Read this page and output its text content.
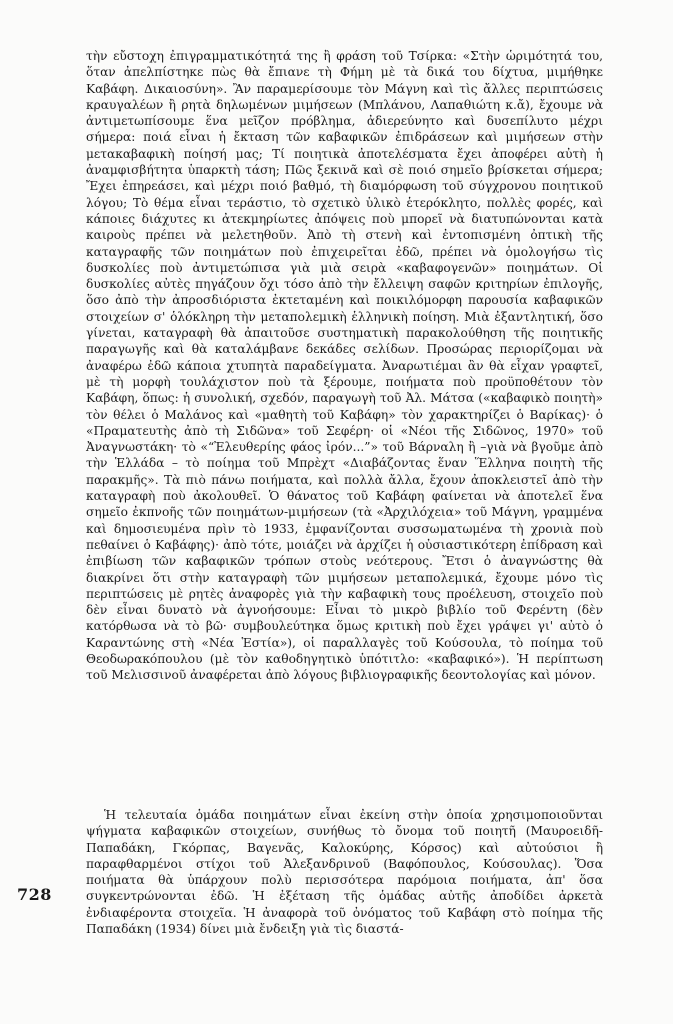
728

τὴν εὔστοχη ἐπιγραμματικότητά της ἢ φράση τοῦ Τσίρκα: «Στὴν ὡριμότητά του, ὅταν ἀπελπίστηκε πὼς θὰ ἔπιανε τὴ Φήμη μὲ τὰ δικά του δίχτυα, μιμήθηκε Καβάφη. Δικαιοσύνη». Ἂν παραμερίσουμε τὸν Μάγνη καὶ τὶς ἄλλες περιπτώσεις κραυγαλέων ἢ ρητὰ δηλωμένων μιμήσεων (Μπλάνου, Λαπαθιώτη κ.ἄ), ἔχουμε νὰ ἀντιμετωπίσουμε ἕνα μεῖζον πρόβλημα, ἀδιερεύνητο καὶ δυσεπίλυτο μέχρι σήμερα: ποιά εἶναι ἡ ἔκταση τῶν καβαφικῶν ἐπιδράσεων καὶ μιμήσεων στὴν μετακαβαφικὴ ποίησή μας; Τί ποιητικὰ ἀποτελέσματα ἔχει ἀποφέρει αὐτὴ ἡ ἀναμφισβήτητα ὑπαρκτὴ τάση; Πῶς ξεκινᾶ καὶ σὲ ποιό σημεῖο βρίσκεται σήμερα; Ἔχει ἐπηρεάσει, καὶ μέχρι ποιό βαθμό, τὴ διαμόρφωση τοῦ σύγχρονου ποιητικοῦ λόγου; Τὸ θέμα εἶναι τεράστιο, τὸ σχετικὸ ὑλικὸ ἑτερόκλητο, πολλὲς φορές, καὶ κάποιες διάχυτες κι ἀτεκμηρίωτες ἀπόψεις ποὺ μπορεῖ νὰ διατυπώνονται κατὰ καιροὺς πρέπει νὰ μελετηθοῦν. Ἀπὸ τὴ στενὴ καὶ ἐντοπισμένη ὀπτικὴ τῆς καταγραφῆς τῶν ποιημάτων ποὺ ἐπιχειρεῖται ἐδῶ, πρέπει νὰ ὁμολογήσω τὶς δυσκολίες ποὺ ἀντιμετώπισα γιὰ μιὰ σειρὰ «καβαφογενῶν» ποιημάτων. Οἱ δυσκολίες αὐτὲς πηγάζουν ὄχι τόσο ἀπὸ τὴν ἔλλειψη σαφῶν κριτηρίων ἐπιλογῆς, ὅσο ἀπὸ τὴν ἀπροσδιόριστα ἐκτεταμένη καὶ ποικιλόμορφη παρουσία καβαφικῶν στοιχείων σ' ὁλόκληρη τὴν μεταπολεμικὴ ἑλληνικὴ ποίηση. Μιὰ ἐξαντλητική, ὅσο γίνεται, καταγραφὴ θὰ ἀπαιτοῦσε συστηματικὴ παρακολούθηση τῆς ποιητικῆς παραγωγῆς καὶ θὰ καταλάμβανε δεκάδες σελίδων. Προσώρας περιορίζομαι νὰ ἀναφέρω ἐδῶ κάποια χτυπητὰ παραδείγματα. Ἀναρωτιέμαι ἂν θὰ εἶχαν γραφτεῖ, μὲ τὴ μορφὴ τουλάχιστον ποὺ τὰ ξέρουμε, ποιήματα ποὺ προϋποθέτουν τὸν Καβάφη, ὅπως: ἡ συνολική, σχεδόν, παραγωγὴ τοῦ Ἀλ. Μάτσα («καβαφικὸ ποιητὴ» τὸν θέλει ὁ Μαλάνος καὶ «μαθητὴ τοῦ Καβάφη» τὸν χαρακτηρίζει ὁ Βαρίκας)· ὁ «Πραματευτὴς ἀπὸ τὴ Σιδῶνα» τοῦ Σεφέρη· οἱ «Νέοι τῆς Σιδῶνος, 1970» τοῦ Ἀναγνωστάκη· τὸ «“Ἐλευθερίης φάος ἰρόν...”» τοῦ Βάρναλη ἢ –γιὰ νὰ βγοῦμε ἀπὸ τὴν Ἑλλάδα – τὸ ποίημα τοῦ Μπρὲχτ «Διαβάζοντας ἕναν Ἕλληνα ποιητὴ τῆς παρακμῆς». Τὰ πιὸ πάνω ποιήματα, καὶ πολλὰ ἄλλα, ἔχουν ἀποκλειστεῖ ἀπὸ τὴν καταγραφὴ ποὺ ἀκολουθεῖ. Ὁ θάνατος τοῦ Καβάφη φαίνεται νὰ ἀποτελεῖ ἕνα σημεῖο ἐκπνοῆς τῶν ποιημάτων-μιμήσεων (τὰ «Ἀρχιλόχεια» τοῦ Μάγνη, γραμμένα καὶ δημοσιευμένα πρὶν τὸ 1933, ἐμφανίζονται συσσωματωμένα τὴ χρονιὰ ποὺ πεθαίνει ὁ Καβάφης)· ἀπὸ τότε, μοιάζει νὰ ἀρχίζει ἡ οὐσιαστικότερη ἐπίδραση καὶ ἐπιβίωση τῶν καβαφικῶν τρόπων στοὺς νεότερους. Ἔτσι ὁ ἀναγνώστης θὰ διακρίνει ὅτι στὴν καταγραφὴ τῶν μιμήσεων μεταπολεμικά, ἔχουμε μόνο τὶς περιπτώσεις μὲ ρητὲς ἀναφορὲς γιὰ τὴν καβαφικὴ τους προέλευση, στοιχεῖο ποὺ δὲν εἶναι δυνατὸ νὰ ἀγνοήσουμε: Εἶναι τὸ μικρὸ βιβλίο τοῦ Φερέντη (δὲν κατόρθωσα νὰ τὸ βῶ· συμβουλεύτηκα ὅμως κριτικὴ ποὺ ἔχει γράψει γι' αὐτὸ ὁ Καραντώνης στὴ «Νέα Ἑστία»), οἱ παραλλαγὲς τοῦ Κούσουλα, τὸ ποίημα τοῦ Θεοδωρακόπουλου (μὲ τὸν καθοδηγητικὸ ὑπότιτλο: «καβαφικό»). Ἡ περίπτωση τοῦ Μελισσινοῦ ἀναφέρεται ἀπὸ λόγους βιβλιογραφικῆς δεοντολογίας καὶ μόνον.

Ἡ τελευταία ὁμάδα ποιημάτων εἶναι ἐκείνη στὴν ὁποία χρησιμοποιοῦνται ψήγματα καβαφικῶν στοιχείων, συνήθως τὸ ὄνομα τοῦ ποιητῆ (Μαυροειδῆ-Παπαδάκη, Γκόρπας, Βαγενᾶς, Καλοκύρης, Κόρσος) καὶ αὐτούσιοι ἢ παραφθαρμένοι στίχοι τοῦ Ἀλεξανδρινοῦ (Βαφόπουλος, Κούσουλας). Ὅσα ποιήματα θὰ ὑπάρχουν πολὺ περισσότερα παρόμοια ποιήματα, ἀπ' ὅσα συγκεντρώνονται ἐδῶ. Ἡ ἐξέταση τῆς ὁμάδας αὐτῆς ἀποδίδει ἀρκετὰ ἐνδιαφέροντα στοιχεῖα. Ἡ ἀναφορὰ τοῦ ὀνόματος τοῦ Καβάφη στὸ ποίημα τῆς Παπαδάκη (1934) δίνει μιὰ ἔνδειξη γιὰ τὶς διαστά-
